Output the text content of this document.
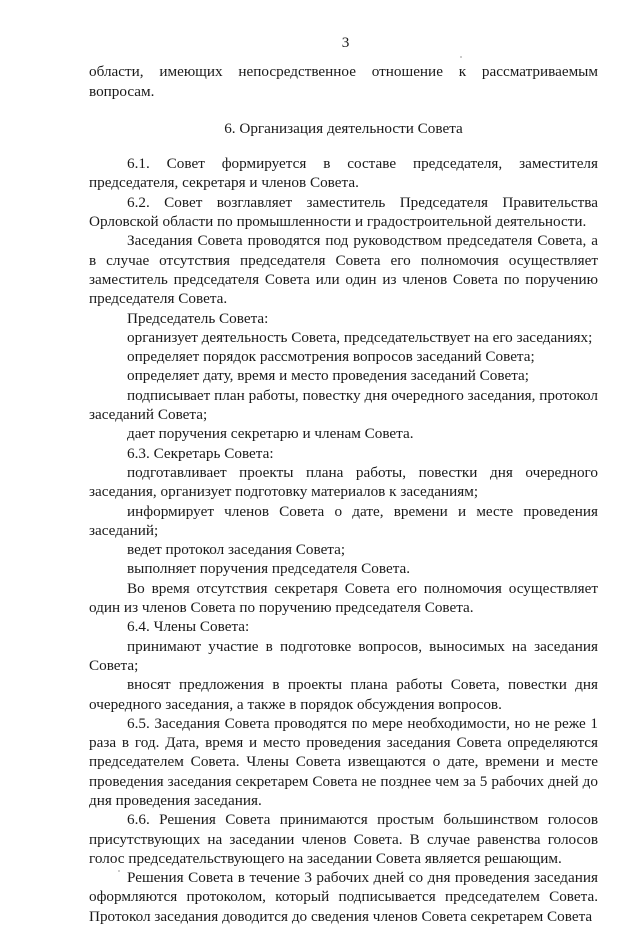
3

области, имеющих непосредственное отношение к рассматриваемым вопросам.

6. Организация деятельности Совета

6.1. Совет формируется в составе председателя, заместителя председателя, секретаря и членов Совета.

6.2. Совет возглавляет заместитель Председателя Правительства Орловской области по промышленности и градостроительной деятельности.

Заседания Совета проводятся под руководством председателя Совета, а в случае отсутствия председателя Совета его полномочия осуществляет заместитель председателя Совета или один из членов Совета по поручению председателя Совета.

Председатель Совета:

организует деятельность Совета, председательствует на его заседаниях;

определяет порядок рассмотрения вопросов заседаний Совета;

определяет дату, время и место проведения заседаний Совета;

подписывает план работы, повестку дня очередного заседания, протокол заседаний Совета;

дает поручения секретарю и членам Совета.

6.3. Секретарь Совета:

подготавливает проекты плана работы, повестки дня очередного заседания, организует подготовку материалов к заседаниям;

информирует членов Совета о дате, времени и месте проведения заседаний;

ведет протокол заседания Совета;

выполняет поручения председателя Совета.

Во время отсутствия секретаря Совета его полномочия осуществляет один из членов Совета по поручению председателя Совета.

6.4. Члены Совета:

принимают участие в подготовке вопросов, выносимых на заседания Совета;

вносят предложения в проекты плана работы Совета, повестки дня очередного заседания, а также в порядок обсуждения вопросов.

6.5. Заседания Совета проводятся по мере необходимости, но не реже 1 раза в год. Дата, время и место проведения заседания Совета определяются председателем Совета. Члены Совета извещаются о дате, времени и месте проведения заседания секретарем Совета не позднее чем за 5 рабочих дней до дня проведения заседания.

6.6. Решения Совета принимаются простым большинством голосов присутствующих на заседании членов Совета. В случае равенства голосов голос председательствующего на заседании Совета является решающим.

Решения Совета в течение 3 рабочих дней со дня проведения заседания оформляются протоколом, который подписывается председателем Совета. Протокол заседания доводится до сведения членов Совета секретарем Совета
